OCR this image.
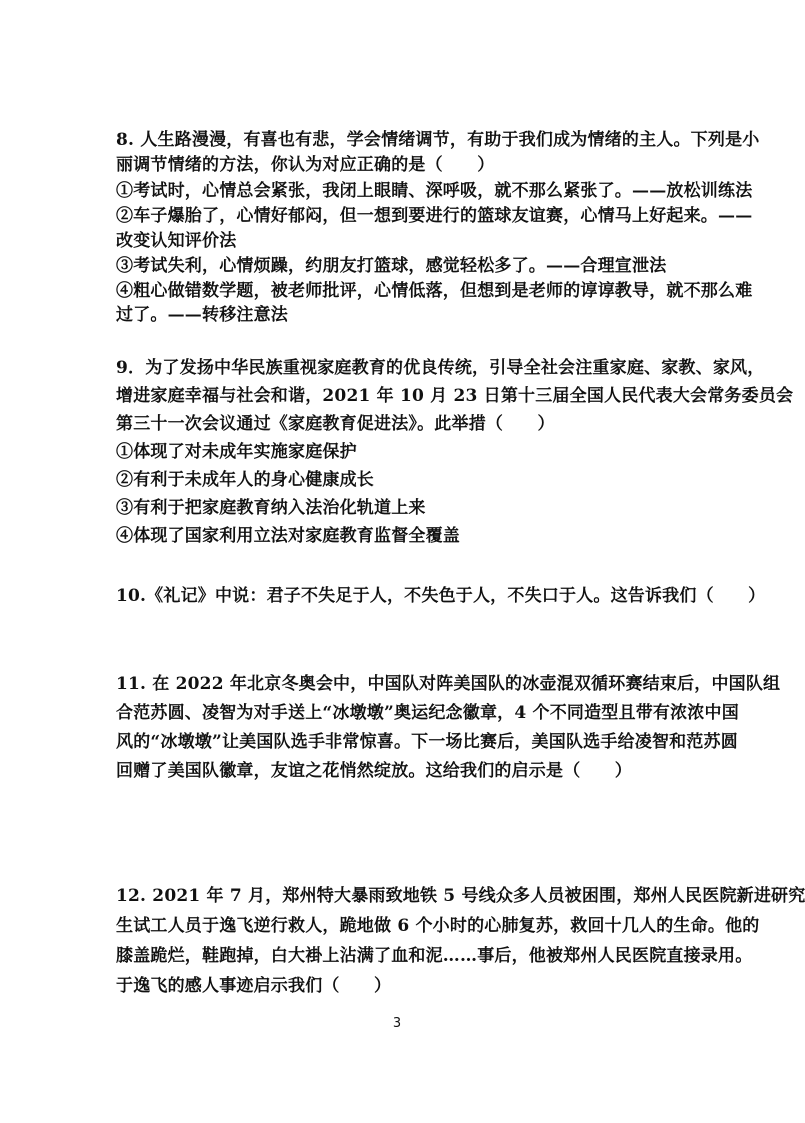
8. 人生路漫漫，有喜也有悲，学会情绪调节，有助于我们成为情绪的主人。下列是小
丽调节情绪的方法，你认为对应正确的是（　　）
①考试时，心情总会紧张，我闭上眼睛、深呼吸，就不那么紧张了。——放松训练法
②车子爆胎了，心情好郁闷，但一想到要进行的篮球友谊赛，心情马上好起来。——
改变认知评价法
③考试失利，心情烦躁，约朋友打篮球，感觉轻松多了。——合理宣泄法
④粗心做错数学题，被老师批评，心情低落，但想到是老师的谆谆教导，就不那么难
过了。——转移注意法
9．为了发扬中华民族重视家庭教育的优良传统，引导全社会注重家庭、家教、家风，
增进家庭幸福与社会和谐，2021 年 10 月 23 日第十三届全国人民代表大会常务委员会
第三十一次会议通过《家庭教育促进法》。此举措（　　）
①体现了对未成年实施家庭保护
②有利于未成年人的身心健康成长
③有利于把家庭教育纳入法治化轨道上来
④体现了国家利用立法对家庭教育监督全覆盖
10.《礼记》中说：君子不失足于人，不失色于人，不失口于人。这告诉我们（　　）
11. 在 2022 年北京冬奥会中，中国队对阵美国队的冰壶混双循环赛结束后，中国队组
合范苏圆、凌智为对手送上“冰墩墩”奥运纪念徽章，4 个不同造型且带有浓浓中国
风的“冰墩墩”让美国队选手非常惊喜。下一场比赛后，美国队选手给凌智和范苏圆
回赠了美国队徽章，友谊之花悄然绽放。这给我们的启示是（　　）
12. 2021 年 7 月，郑州特大暴雨致地铁 5 号线众多人员被困围，郑州人民医院新进研究
生试工人员于逸飞逆行救人，跪地做 6 个小时的心肺复苏，救回十几人的生命。他的
膝盖跪烂，鞋跑掉，白大褂上沾满了血和泥……事后，他被郑州人民医院直接录用。
于逸飞的感人事迹启示我们（　　）
3
